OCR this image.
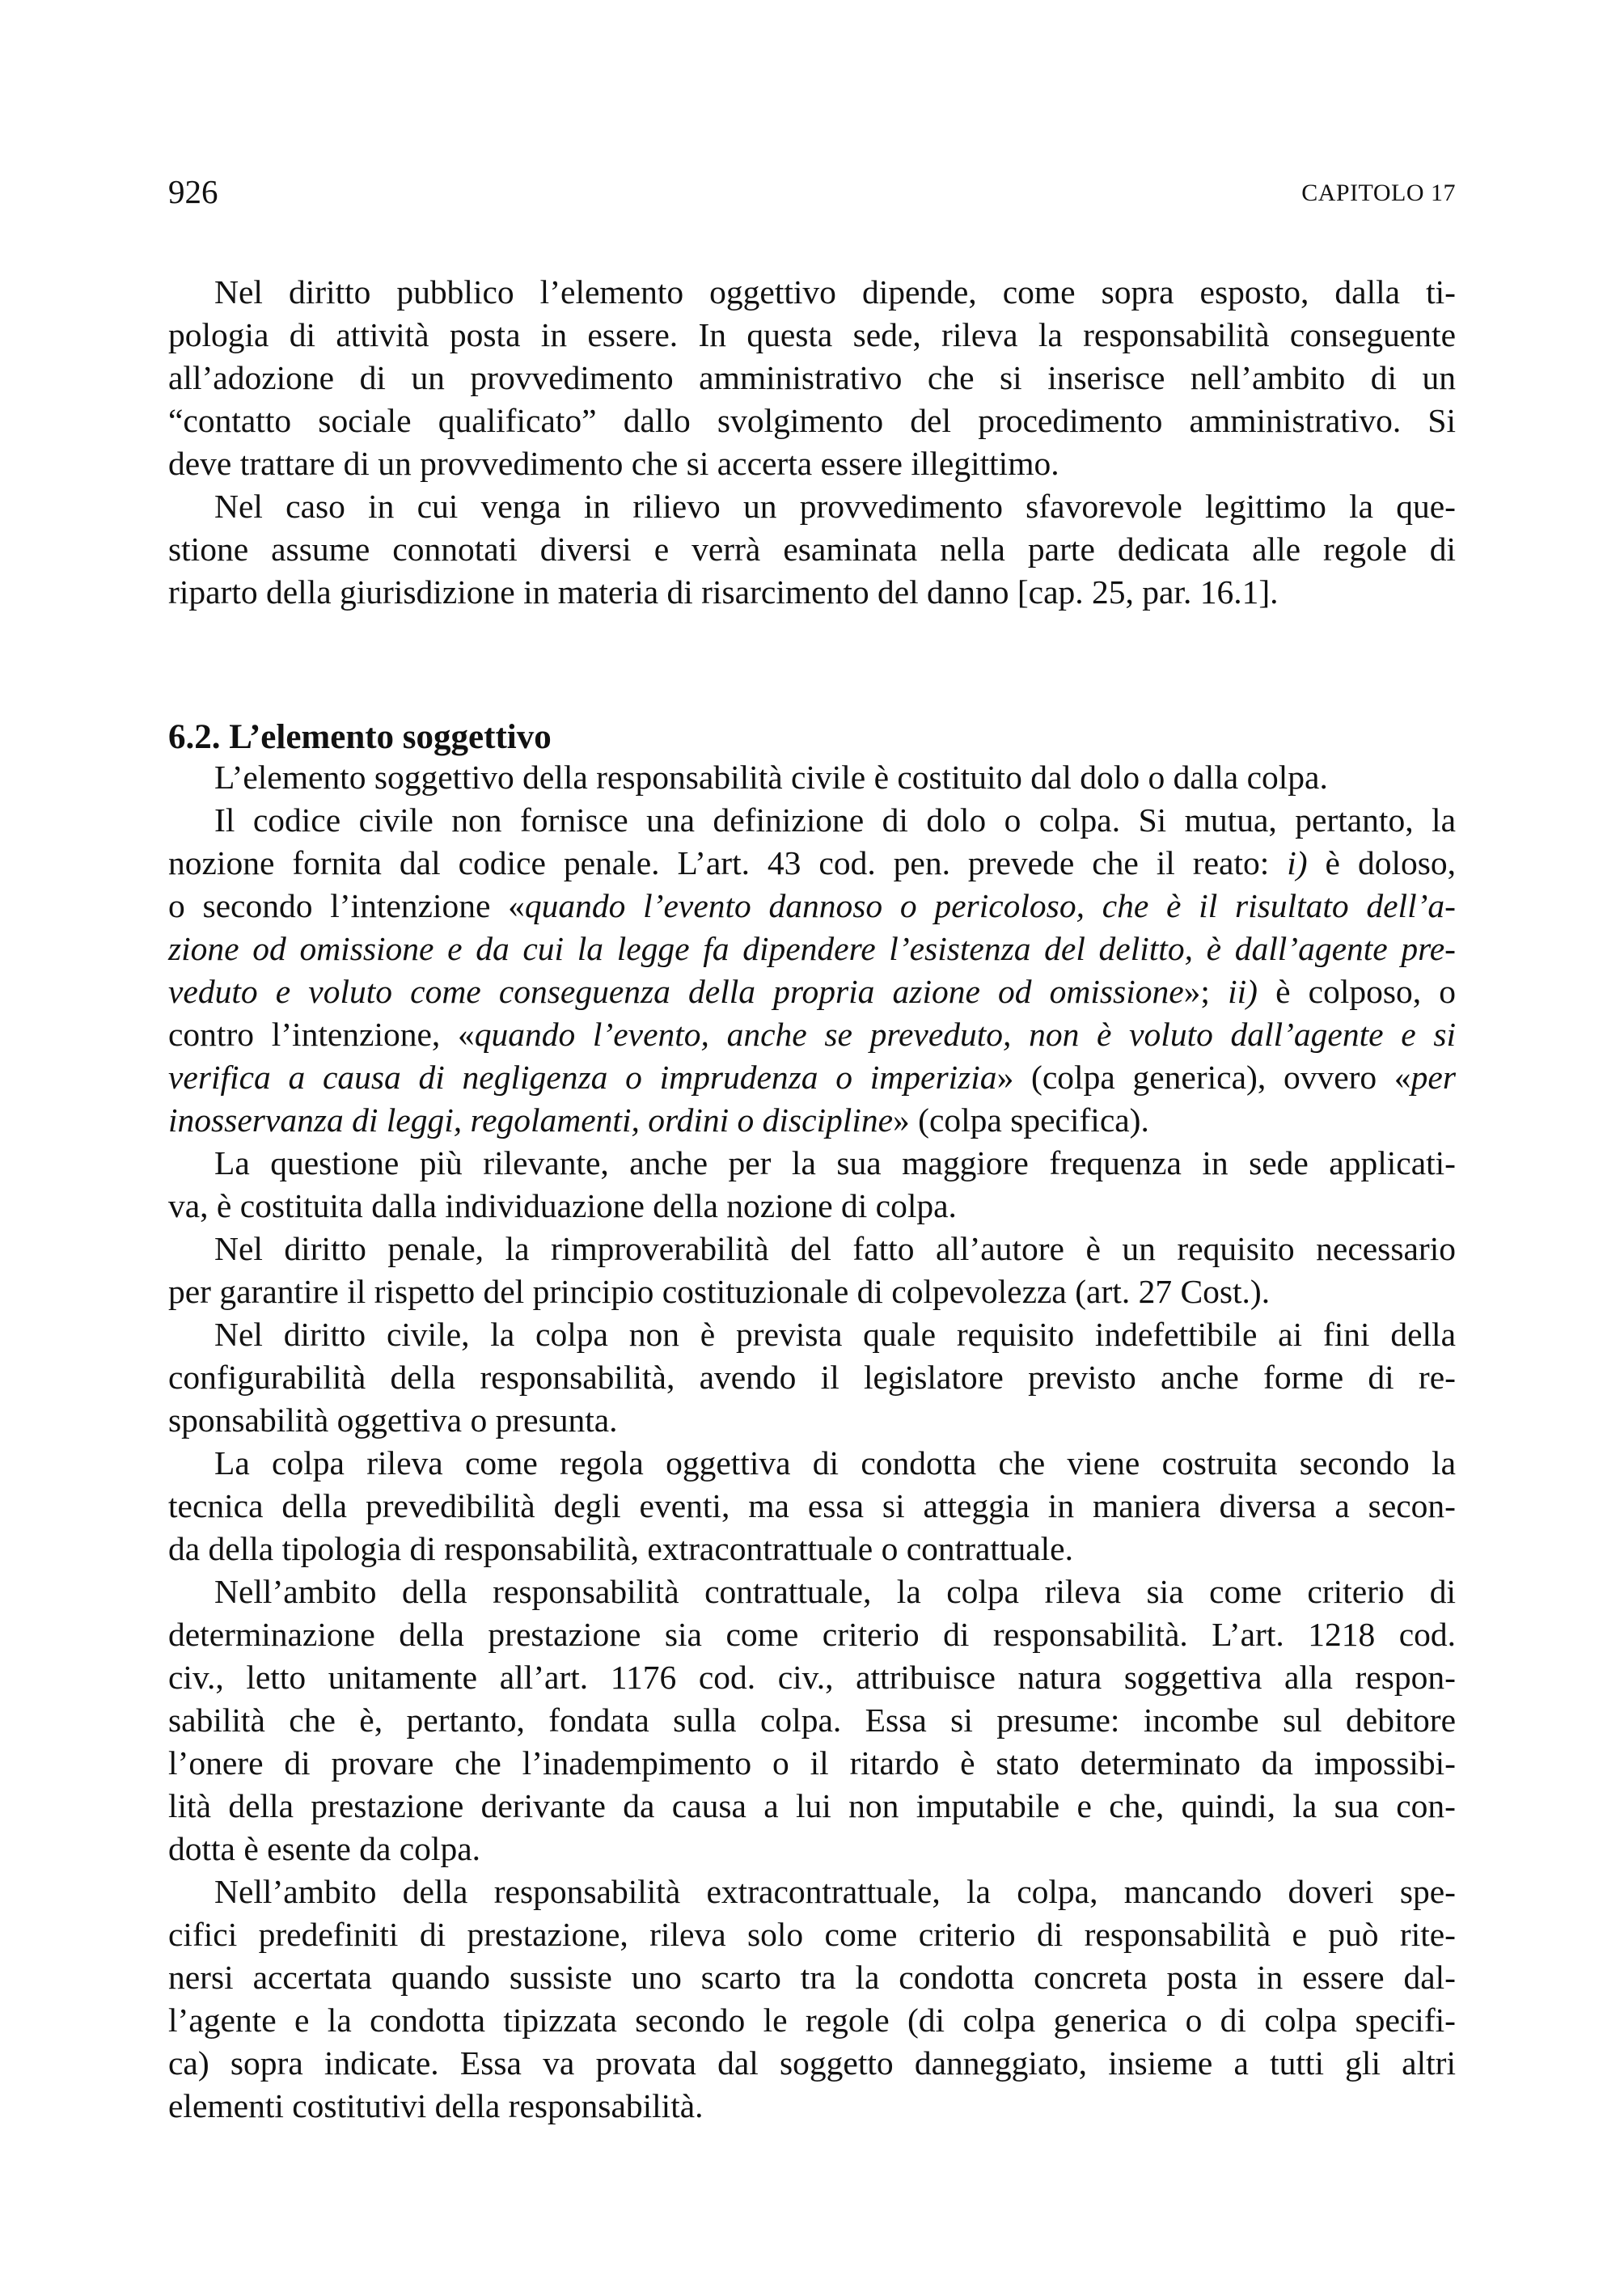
926	CAPITOLO 17
Nel diritto pubblico l’elemento oggettivo dipende, come sopra esposto, dalla ti-
pologia di attività posta in essere. In questa sede, rileva la responsabilità conseguente
all’adozione di un provvedimento amministrativo che si inserisce nell’ambito di un
“contatto sociale qualificato” dallo svolgimento del procedimento amministrativo. Si
deve trattare di un provvedimento che si accerta essere illegittimo.
Nel caso in cui venga in rilievo un provvedimento sfavorevole legittimo la que-
stione assume connotati diversi e verrà esaminata nella parte dedicata alle regole di
riparto della giurisdizione in materia di risarcimento del danno [cap. 25, par. 16.1].
6.2. L’elemento soggettivo
L’elemento soggettivo della responsabilità civile è costituito dal dolo o dalla colpa.
Il codice civile non fornisce una definizione di dolo o colpa. Si mutua, pertanto, la
nozione fornita dal codice penale. L’art. 43 cod. pen. prevede che il reato: i) è doloso,
o secondo l’intenzione «quando l’evento dannoso o pericoloso, che è il risultato dell’a-
zione od omissione e da cui la legge fa dipendere l’esistenza del delitto, è dall’agente pre-
veduto e voluto come conseguenza della propria azione od omissione»; ii) è colposo, o
contro l’intenzione, «quando l’evento, anche se preveduto, non è voluto dall’agente e si
verifica a causa di negligenza o imprudenza o imperizia» (colpa generica), ovvero «per
inosservanza di leggi, regolamenti, ordini o discipline» (colpa specifica).
La questione più rilevante, anche per la sua maggiore frequenza in sede applicati-
va, è costituita dalla individuazione della nozione di colpa.
Nel diritto penale, la rimproverabilità del fatto all’autore è un requisito necessario
per garantire il rispetto del principio costituzionale di colpevolezza (art. 27 Cost.).
Nel diritto civile, la colpa non è prevista quale requisito indefettibile ai fini della
configurabilità della responsabilità, avendo il legislatore previsto anche forme di re-
sponsabilità oggettiva o presunta.
La colpa rileva come regola oggettiva di condotta che viene costruita secondo la
tecnica della prevedibilità degli eventi, ma essa si atteggia in maniera diversa a secon-
da della tipologia di responsabilità, extracontrattuale o contrattuale.
Nell’ambito della responsabilità contrattuale, la colpa rileva sia come criterio di
determinazione della prestazione sia come criterio di responsabilità. L’art. 1218 cod.
civ., letto unitamente all’art. 1176 cod. civ., attribuisce natura soggettiva alla respon-
sabilità che è, pertanto, fondata sulla colpa. Essa si presume: incombe sul debitore
l’onere di provare che l’inadempimento o il ritardo è stato determinato da impossibi-
lità della prestazione derivante da causa a lui non imputabile e che, quindi, la sua con-
dotta è esente da colpa.
Nell’ambito della responsabilità extracontrattuale, la colpa, mancando doveri spe-
cifici predefiniti di prestazione, rileva solo come criterio di responsabilità e può rite-
nersi accertata quando sussiste uno scarto tra la condotta concreta posta in essere dal-
l’agente e la condotta tipizzata secondo le regole (di colpa generica o di colpa specifi-
ca) sopra indicate. Essa va provata dal soggetto danneggiato, insieme a tutti gli altri
elementi costitutivi della responsabilità.
